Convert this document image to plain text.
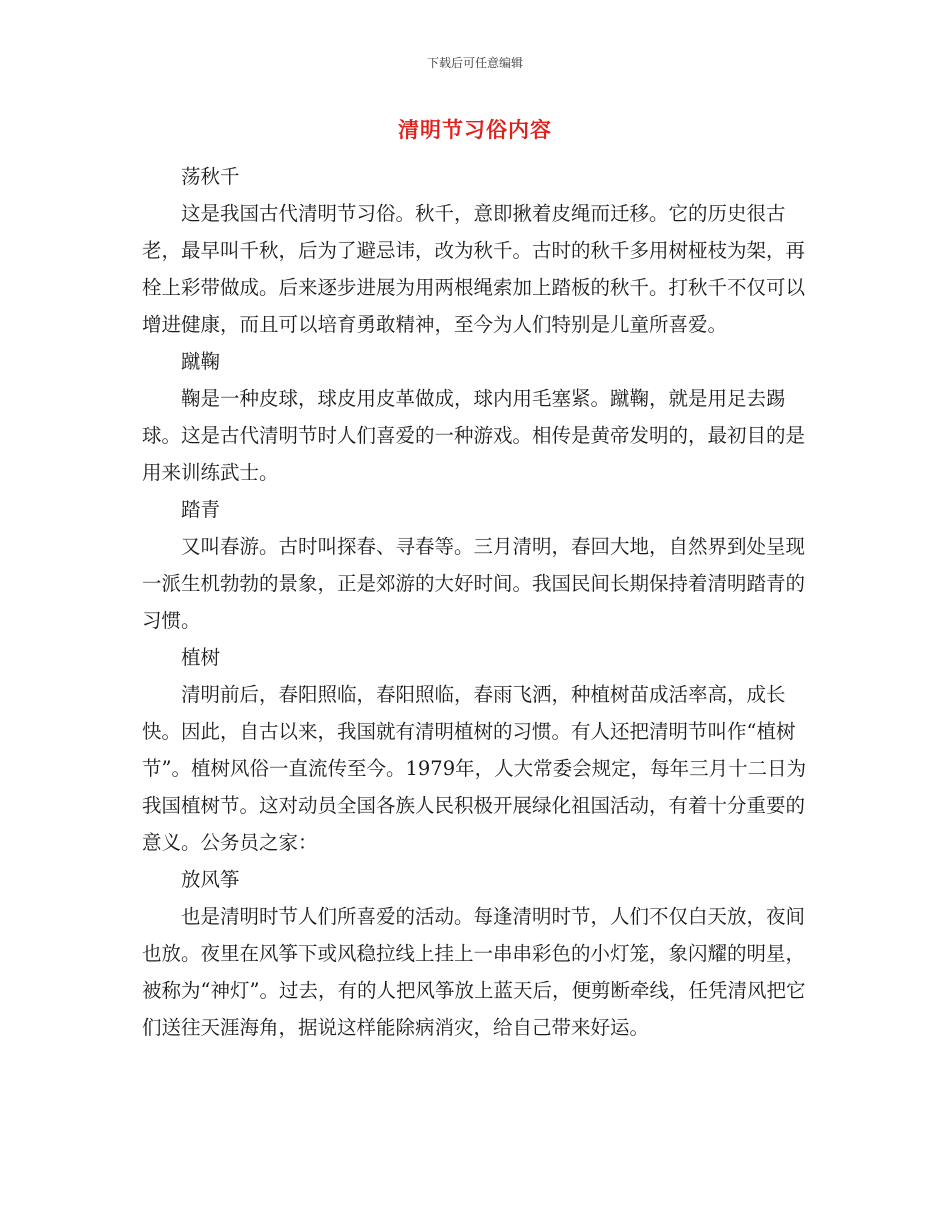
下载后可任意编辑
清明节习俗内容

荡秋千

这是我国古代清明节习俗。秋千，意即揪着皮绳而迁移。它的历史很古老，最早叫千秋，后为了避忌讳，改为秋千。古时的秋千多用树桠枝为架，再栓上彩带做成。后来逐步进展为用两根绳索加上踏板的秋千。打秋千不仅可以增进健康，而且可以培育勇敢精神，至今为人们特别是儿童所喜爱。

蹴鞠

鞠是一种皮球，球皮用皮革做成，球内用毛塞紧。蹴鞠，就是用足去踢球。这是古代清明节时人们喜爱的一种游戏。相传是黄帝发明的，最初目的是用来训练武士。

踏青

又叫春游。古时叫探春、寻春等。三月清明，春回大地，自然界到处呈现一派生机勃勃的景象，正是郊游的大好时间。我国民间长期保持着清明踏青的习惯。

植树

清明前后，春阳照临，春阳照临，春雨飞洒，种植树苗成活率高，成长快。因此，自古以来，我国就有清明植树的习惯。有人还把清明节叫作“植树节”。植树风俗一直流传至今。1979年，人大常委会规定，每年三月十二日为我国植树节。这对动员全国各族人民积极开展绿化祖国活动，有着十分重要的意义。公务员之家：

放风筝

也是清明时节人们所喜爱的活动。每逢清明时节，人们不仅白天放，夜间也放。夜里在风筝下或风稳拉线上挂上一串串彩色的小灯笼，象闪耀的明星，被称为“神灯”。过去，有的人把风筝放上蓝天后，便剪断牵线，任凭清风把它们送往天涯海角，据说这样能除病消灾，给自己带来好运。
